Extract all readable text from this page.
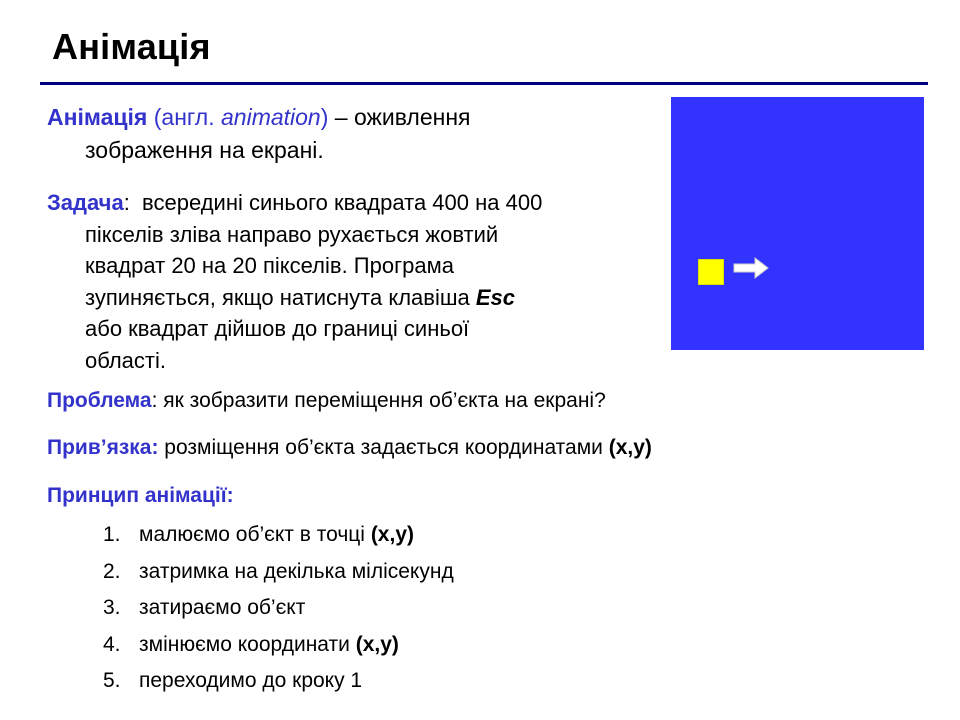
Анімація
Анімація (англ. animation) – оживлення
зображення на екрані.
Задача:  всередині синього квадрата 400 на 400
пікселів зліва направо рухається жовтий
квадрат 20 на 20 пікселів. Програма
зупиняється, якщо натиснута клавіша Esc
або квадрат дійшов до границі синьої
області.
Проблема: як зобразити переміщення об’єкта на екрані?
Прив’язка: розміщення об’єкта задається координатами (x,y)
Принцип анімації:
1. малюємо об’єкт в точці (x,y)
2. затримка на декілька мілісекунд
3. затираємо об’єкт
4. змінюємо координати (x,y)
5. переходимо до кроку 1
